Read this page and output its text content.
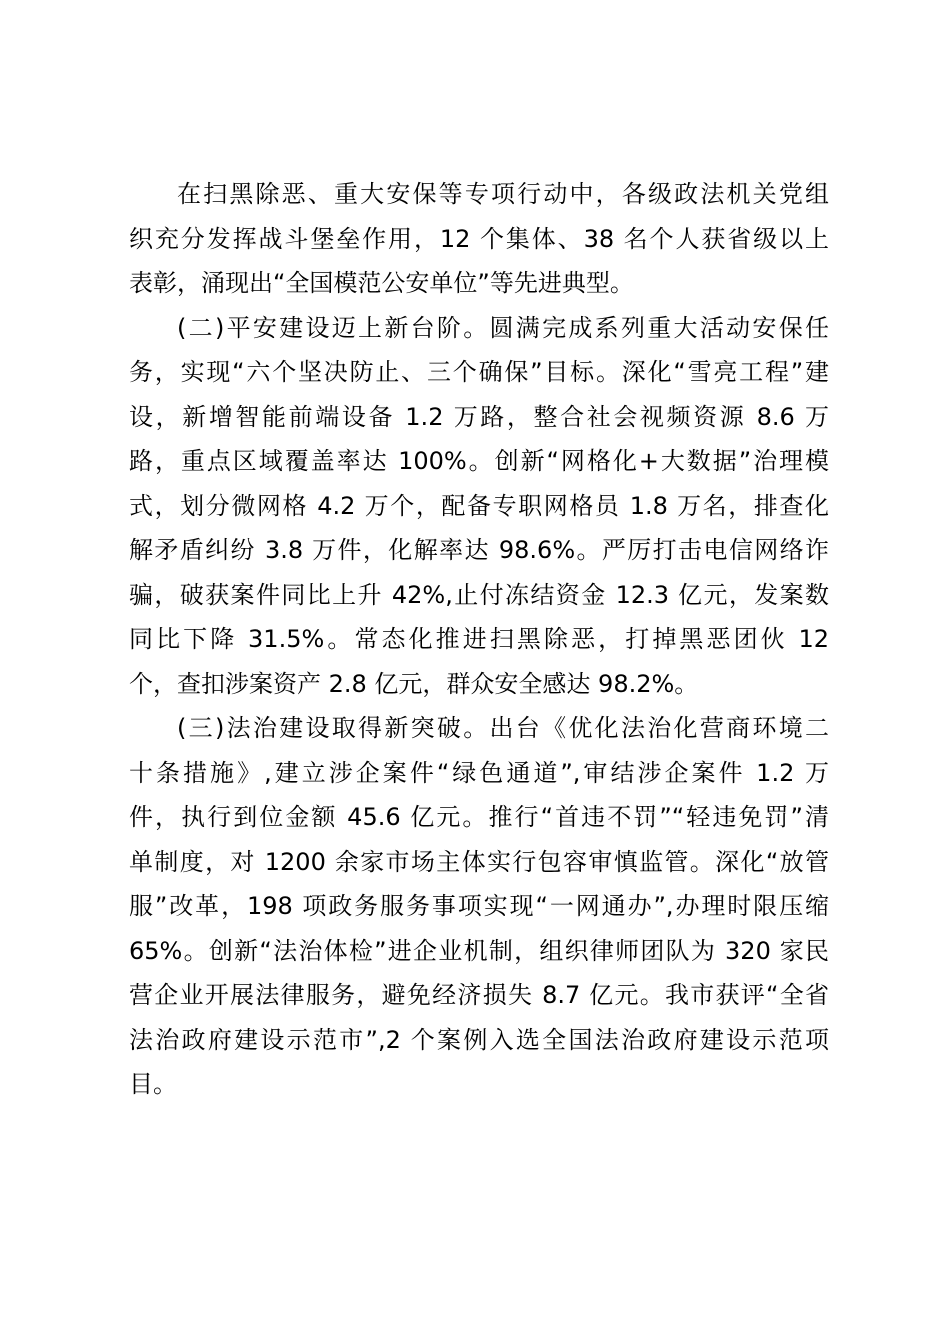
在扫黑除恶、重大安保等专项行动中，各级政法机关党组
织充分发挥战斗堡垒作用，12 个集体、38 名个人获省级以上
表彰，涌现出“全国模范公安单位”等先进典型。
(二)平安建设迈上新台阶。圆满完成系列重大活动安保任
务，实现“六个坚决防止、三个确保”目标。深化“雪亮工程”建
设，新增智能前端设备 1.2 万路，整合社会视频资源 8.6 万
路，重点区域覆盖率达 100%。创新“网格化+大数据”治理模
式，划分微网格 4.2 万个，配备专职网格员 1.8 万名，排查化
解矛盾纠纷 3.8 万件，化解率达 98.6%。严厉打击电信网络诈
骗，破获案件同比上升 42%,止付冻结资金 12.3 亿元，发案数
同比下降 31.5%。常态化推进扫黑除恶，打掉黑恶团伙 12
个，查扣涉案资产 2.8 亿元，群众安全感达 98.2%。
(三)法治建设取得新突破。出台《优化法治化营商环境二
十条措施》,建立涉企案件“绿色通道”,审结涉企案件 1.2 万
件，执行到位金额 45.6 亿元。推行“首违不罚”“轻违免罚”清
单制度，对 1200 余家市场主体实行包容审慎监管。深化“放管
服”改革，198 项政务服务事项实现“一网通办”,办理时限压缩
65%。创新“法治体检”进企业机制，组织律师团队为 320 家民
营企业开展法律服务，避免经济损失 8.7 亿元。我市获评“全省
法治政府建设示范市”,2 个案例入选全国法治政府建设示范项
目。
